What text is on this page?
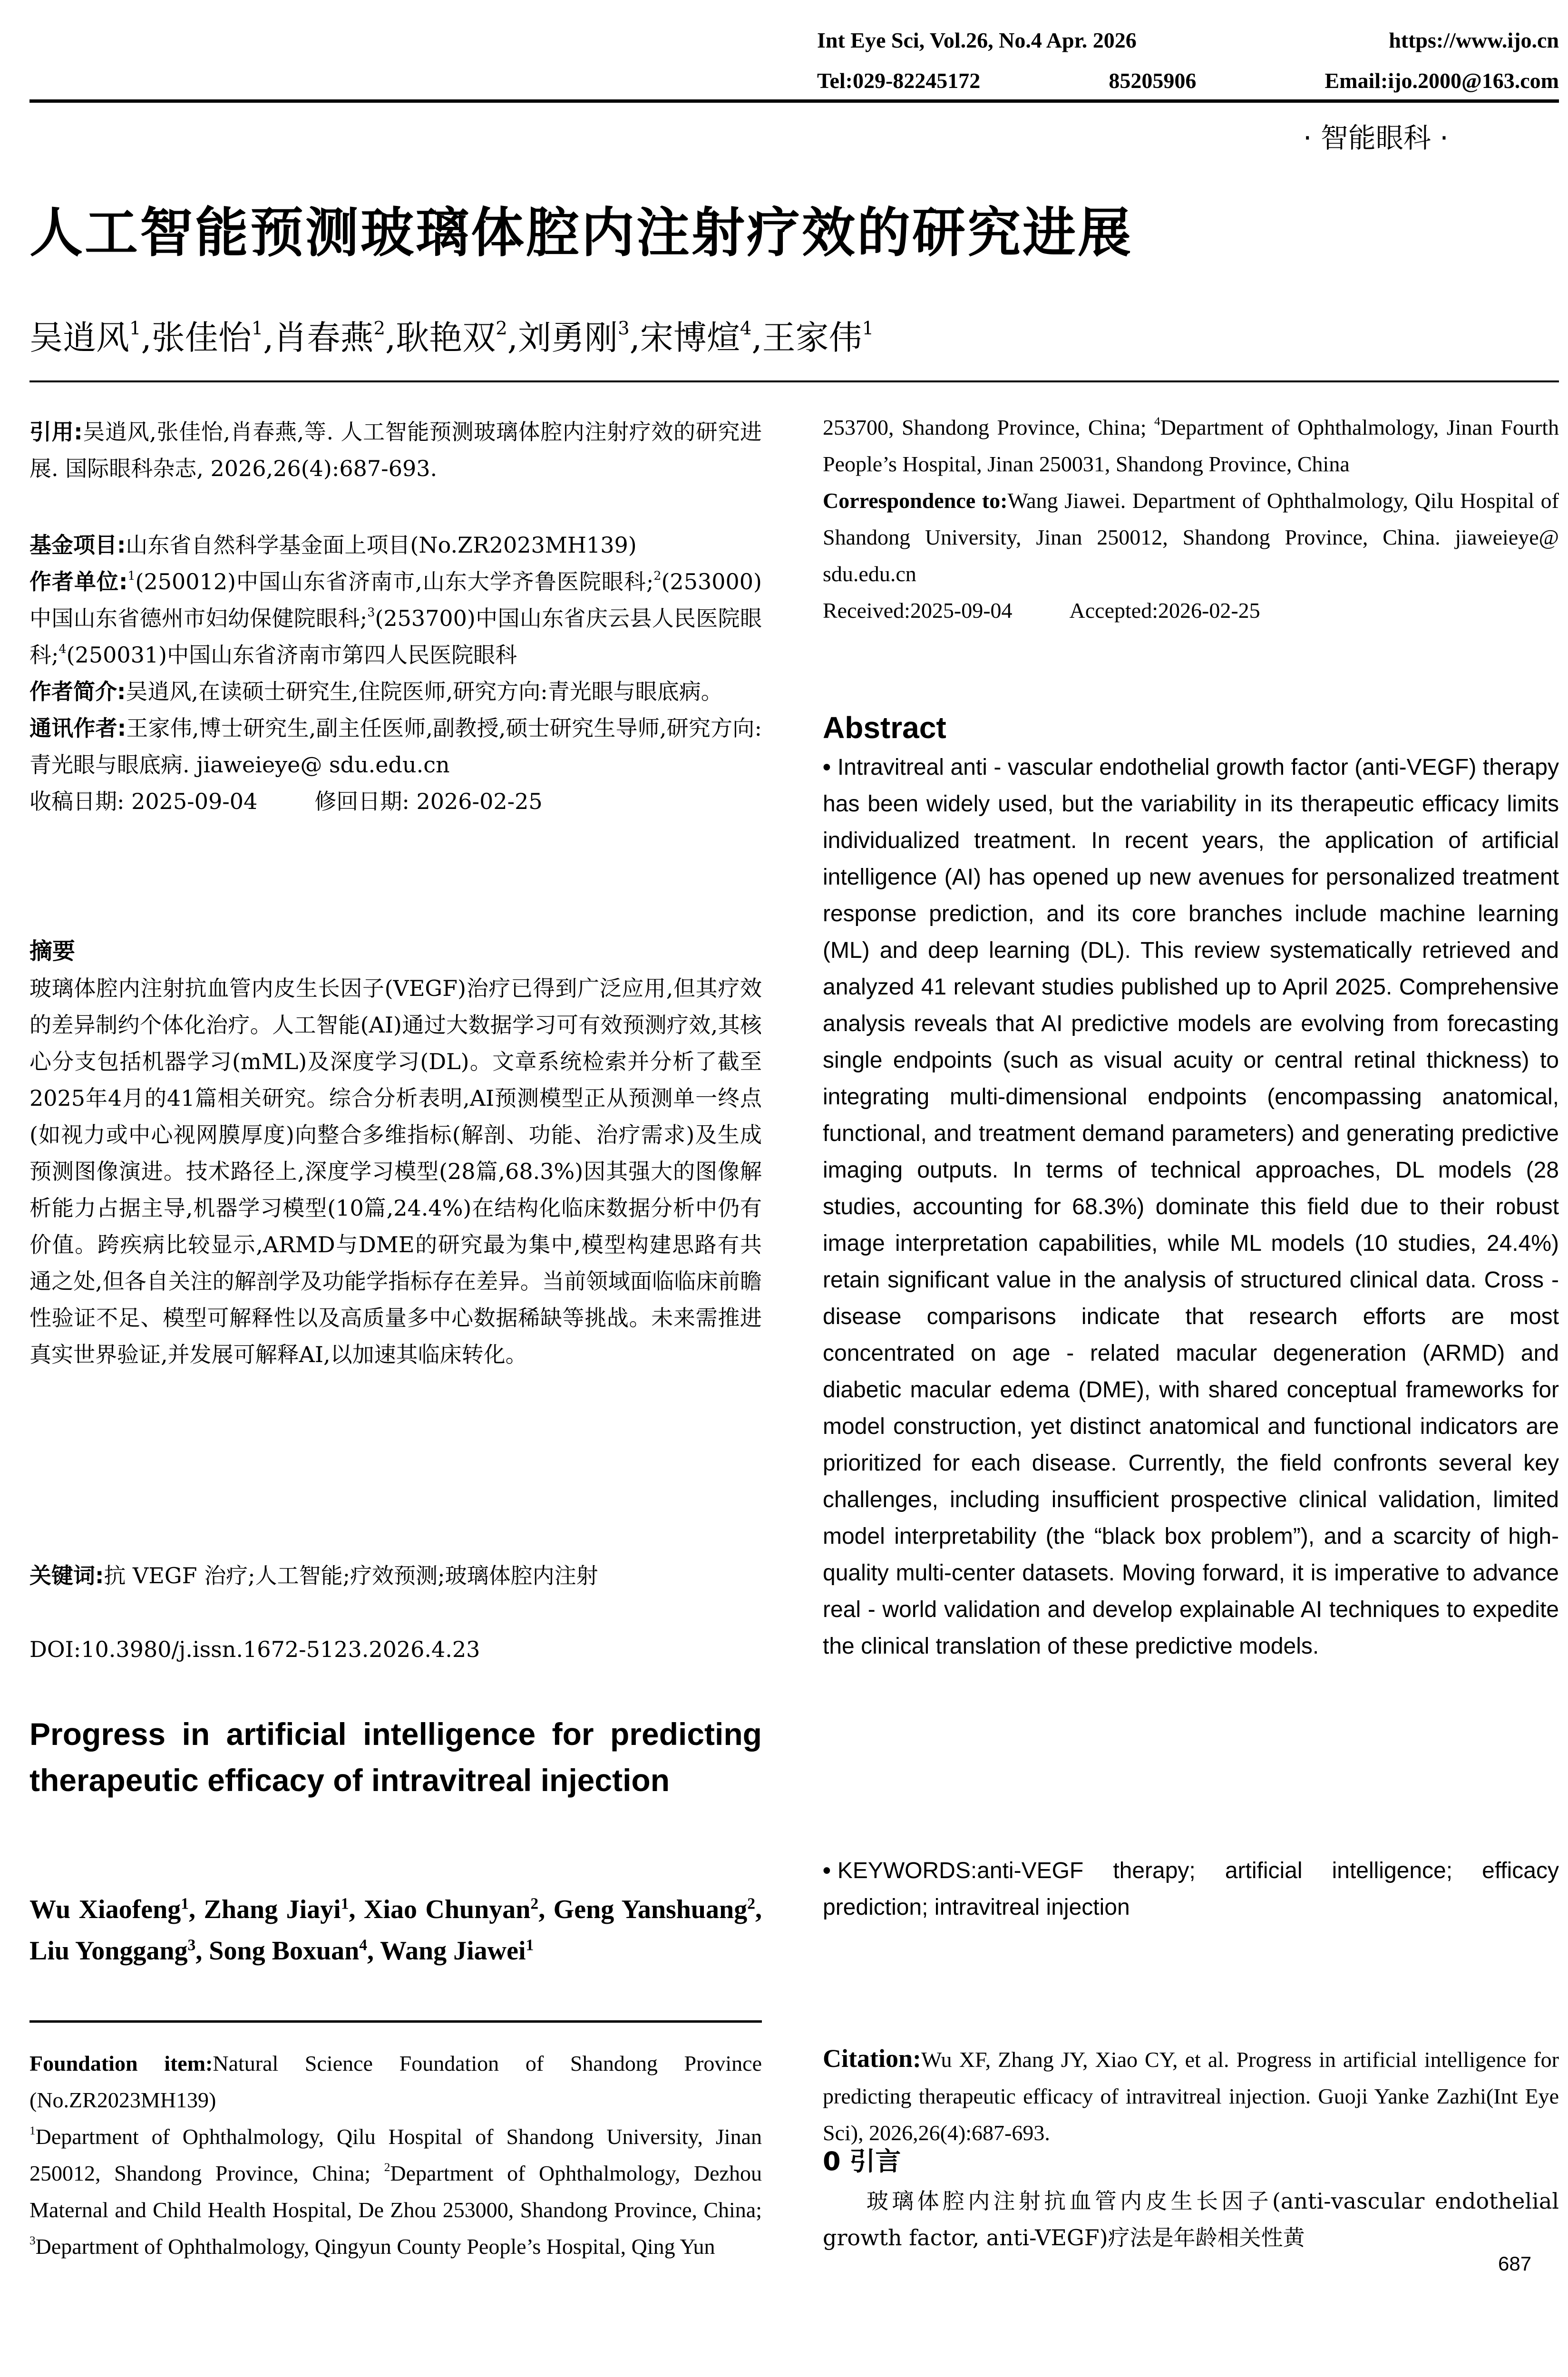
Int Eye Sci, Vol.26, No.4 Apr. 2026	https://www.ijo.cn
Tel:029-82245172	85205906	Email:ijo.2000@163.com
· 智能眼科 ·
人工智能预测玻璃体腔内注射疗效的研究进展
吴逍风$^1$,张佳怡$^1$,肖春燕$^2$,耿艳双$^2$,刘勇刚$^3$,宋博煊$^4$,王家伟$^1$
引用:吴逍风,张佳怡,肖春燕,等. 人工智能预测玻璃体腔内注射疗效的研究进展. 国际眼科杂志, 2026,26(4):687-693.
基金项目:山东省自然科学基金面上项目(No.ZR2023MH139)
作者单位:$^1$(250012)中国山东省济南市,山东大学齐鲁医院眼科;$^2$(253000)中国山东省德州市妇幼保健院眼科;$^3$(253700)中国山东省庆云县人民医院眼科;$^4$(250031)中国山东省济南市第四人民医院眼科
作者简介:吴逍风,在读硕士研究生,住院医师,研究方向:青光眼与眼底病。
通讯作者:王家伟,博士研究生,副主任医师,副教授,硕士研究生导师,研究方向:青光眼与眼底病. jiaweieye@ sdu.edu.cn
收稿日期: 2025-09-04	修回日期: 2026-02-25
摘要
玻璃体腔内注射抗血管内皮生长因子(VEGF)治疗已得到广泛应用,但其疗效的差异制约个体化治疗。人工智能(AI)通过大数据学习可有效预测疗效,其核心分支包括机器学习(mML)及深度学习(DL)。文章系统检索并分析了截至2025年4月的41篇相关研究。综合分析表明,AI预测模型正从预测单一终点(如视力或中心视网膜厚度)向整合多维指标(解剖、功能、治疗需求)及生成预测图像演进。技术路径上,深度学习模型(28篇,68.3%)因其强大的图像解析能力占据主导,机器学习模型(10篇,24.4%)在结构化临床数据分析中仍有价值。跨疾病比较显示,ARMD与DME的研究最为集中,模型构建思路有共通之处,但各自关注的解剖学及功能学指标存在差异。当前领域面临临床前瞻性验证不足、模型可解释性以及高质量多中心数据稀缺等挑战。未来需推进真实世界验证,并发展可解释AI,以加速其临床转化。
关键词:抗 VEGF 治疗;人工智能;疗效预测;玻璃体腔内注射
DOI:10.3980/j.issn.1672-5123.2026.4.23
Progress in artificial intelligence for predicting therapeutic efficacy of intravitreal injection
Wu Xiaofeng$^1$, Zhang Jiayi$^1$, Xiao Chunyan$^2$, Geng Yanshuang$^2$, Liu Yonggang$^3$, Song Boxuan$^4$, Wang Jiawei$^1$
Foundation item:Natural Science Foundation of Shandong Province (No.ZR2023MH139)
$^1$Department of Ophthalmology, Qilu Hospital of Shandong University, Jinan 250012, Shandong Province, China; $^2$Department of Ophthalmology, Dezhou Maternal and Child Health Hospital, De Zhou 253000, Shandong Province, China; $^3$Department of Ophthalmology, Qingyun County People’s Hospital, Qing Yun
253700, Shandong Province, China; $^4$Department of Ophthalmology, Jinan Fourth People’s Hospital, Jinan 250031, Shandong Province, China
Correspondence to:Wang Jiawei. Department of Ophthalmology, Qilu Hospital of Shandong University, Jinan 250012, Shandong Province, China. jiaweieye@ sdu.edu.cn
Received:2025-09-04	Accepted:2026-02-25
Abstract
• Intravitreal anti - vascular endothelial growth factor (anti-VEGF) therapy has been widely used, but the variability in its therapeutic efficacy limits individualized treatment. In recent years, the application of artificial intelligence (AI) has opened up new avenues for personalized treatment response prediction, and its core branches include machine learning (ML) and deep learning (DL). This review systematically retrieved and analyzed 41 relevant studies published up to April 2025. Comprehensive analysis reveals that AI predictive models are evolving from forecasting single endpoints (such as visual acuity or central retinal thickness) to integrating multi-dimensional endpoints (encompassing anatomical, functional, and treatment demand parameters) and generating predictive imaging outputs. In terms of technical approaches, DL models (28 studies, accounting for 68.3%) dominate this field due to their robust image interpretation capabilities, while ML models (10 studies, 24.4%) retain significant value in the analysis of structured clinical data. Cross - disease comparisons indicate that research efforts are most concentrated on age - related macular degeneration (ARMD) and diabetic macular edema (DME), with shared conceptual frameworks for model construction, yet distinct anatomical and functional indicators are prioritized for each disease. Currently, the field confronts several key challenges, including insufficient prospective clinical validation, limited model interpretability (the “black box problem”), and a scarcity of high-quality multi-center datasets. Moving forward, it is imperative to advance real - world validation and develop explainable AI techniques to expedite the clinical translation of these predictive models.
• KEYWORDS:anti-VEGF therapy; artificial intelligence; efficacy prediction; intravitreal injection
Citation:Wu XF, Zhang JY, Xiao CY, et al. Progress in artificial intelligence for predicting therapeutic efficacy of intravitreal injection. Guoji Yanke Zazhi(Int Eye Sci), 2026,26(4):687-693.
0 引言
玻璃体腔内注射抗血管内皮生长因子(anti-vascular endothelial growth factor, anti-VEGF)疗法是年龄相关性黄
687
